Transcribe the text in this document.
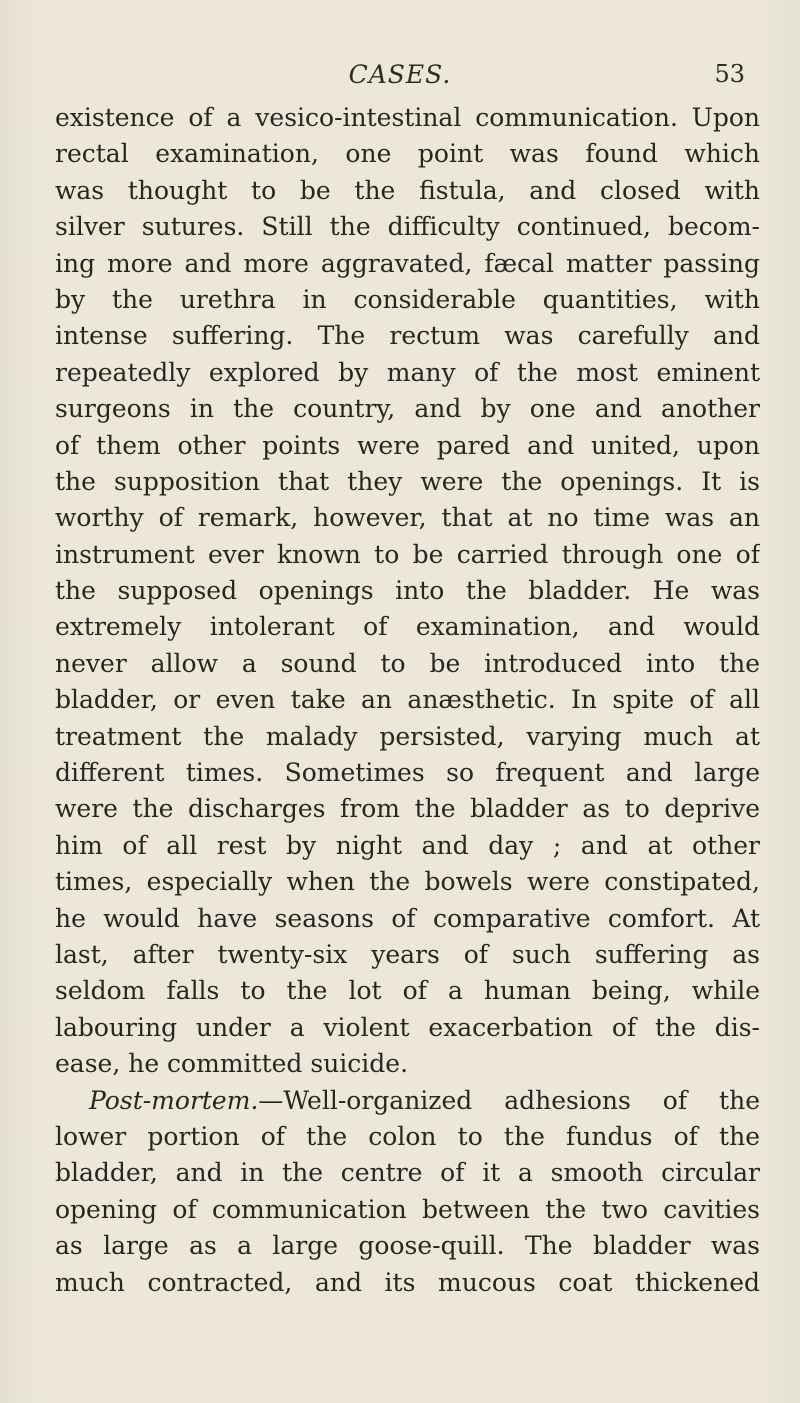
CASES.	53
existence of a vesico-intestinal communication. Upon
rectal examination, one point was found which
was thought to be the fistula, and closed with
silver sutures. Still the difficulty continued, becom-
ing more and more aggravated, fæcal matter passing
by the urethra in considerable quantities, with
intense suffering. The rectum was carefully and
repeatedly explored by many of the most eminent
surgeons in the country, and by one and another
of them other points were pared and united, upon
the supposition that they were the openings. It is
worthy of remark, however, that at no time was an
instrument ever known to be carried through one of
the supposed openings into the bladder. He was
extremely intolerant of examination, and would
never allow a sound to be introduced into the
bladder, or even take an anæsthetic. In spite of all
treatment the malady persisted, varying much at
different times. Sometimes so frequent and large
were the discharges from the bladder as to deprive
him of all rest by night and day ; and at other
times, especially when the bowels were constipated,
he would have seasons of comparative comfort. At
last, after twenty-six years of such suffering as
seldom falls to the lot of a human being, while
labouring under a violent exacerbation of the dis-
ease, he committed suicide.
Post-mortem.—Well-organized adhesions of the
lower portion of the colon to the fundus of the
bladder, and in the centre of it a smooth circular
opening of communication between the two cavities
as large as a large goose-quill. The bladder was
much contracted, and its mucous coat thickened
